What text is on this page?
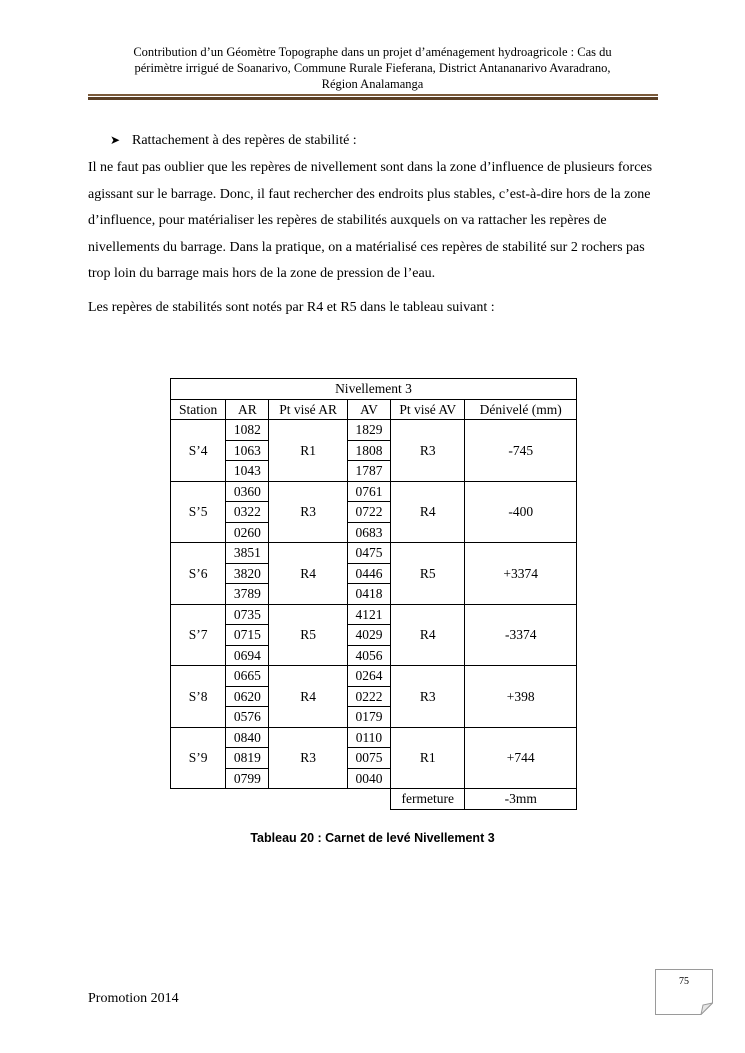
Contribution d’un Géomètre Topographe dans un projet d’aménagement hydroagricole : Cas du
périmètre irrigué de Soanarivo, Commune Rurale Fieferana, District Antananarivo Avaradrano,
Région Analamanga
➤ Rattachement à des repères de stabilité :

Il ne faut pas oublier que les repères de nivellement sont dans la zone d’influence de plusieurs forces agissant sur le barrage. Donc, il faut rechercher des endroits plus stables, c’est-à-dire hors de la zone d’influence, pour matérialiser les repères de stabilités auxquels on va rattacher les repères de nivellements du barrage. Dans la pratique, on a matérialisé ces repères de stabilité sur 2 rochers pas trop loin du barrage mais hors de la zone de pression de l’eau.

Les repères de stabilités sont notés par R4 et R5 dans le tableau suivant :

Nivellement 3					
Station	AR	Pt visé AR	AV	Pt visé AV	Dénivelé (mm)
S’4	1082	R1	1829	R3	-745
	1063		1808		
	1043		1787		
S’5	0360	R3	0761	R4	-400
	0322		0722		
	0260		0683		
S’6	3851	R4	0475	R5	+3374
	3820		0446		
	3789		0418		
S’7	0735	R5	4121	R4	-3374
	0715		4029		
	0694		4056		
S’8	0665	R4	0264	R3	+398
	0620		0222		
	0576		0179		
S’9	0840	R3	0110	R1	+744
	0819		0075		
	0799		0040		
				fermeture	-3mm
Tableau 20 : Carnet de levé Nivellement 3
Promotion 2014
75
